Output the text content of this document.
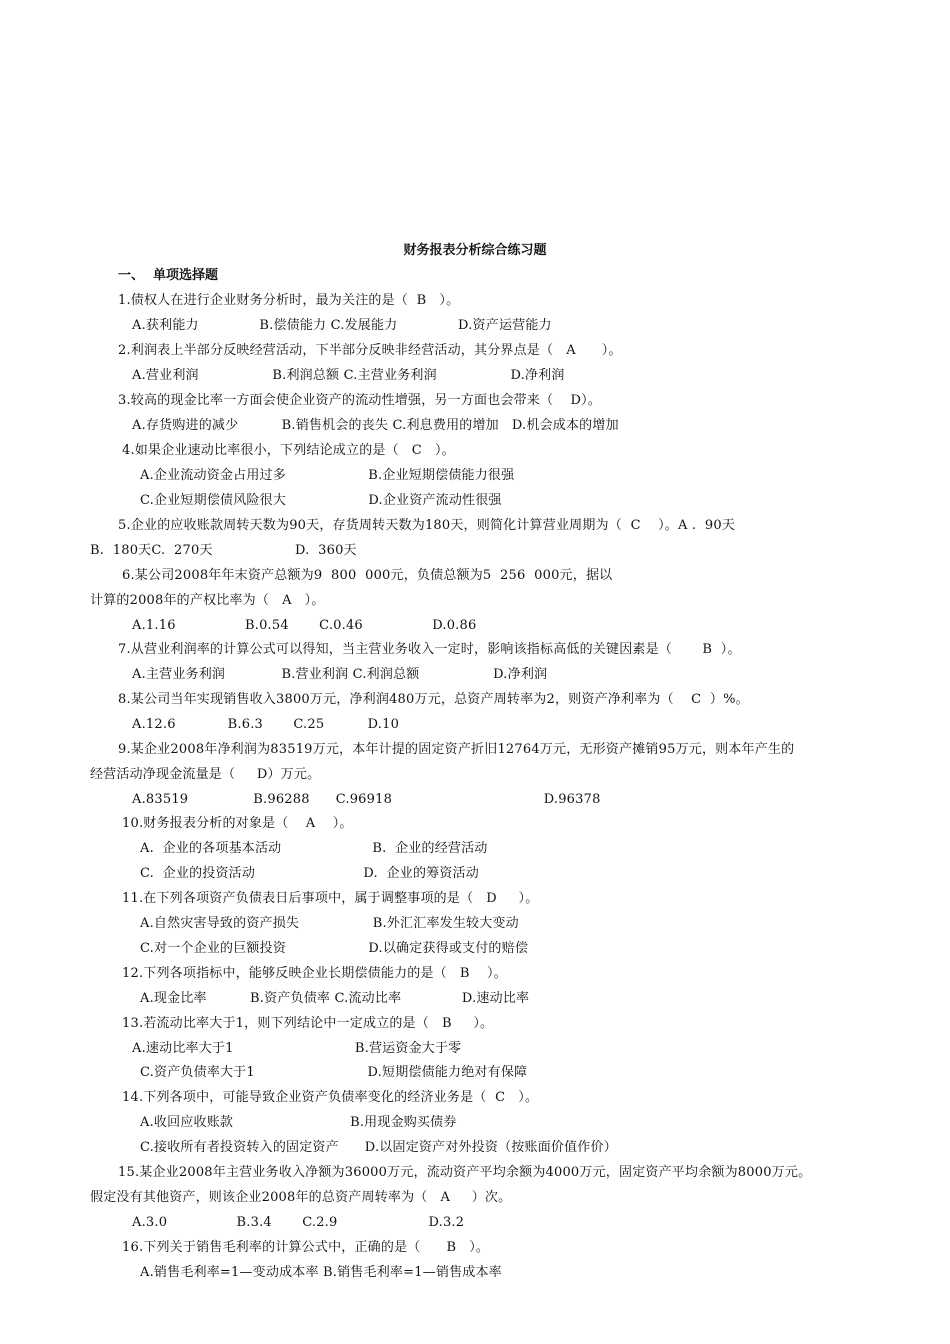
财务报表分析综合练习题
一、  单项选择题
1.债权人在进行企业财务分析时，最为关注的是（  B   ）。
A.获利能力              B.偿债能力 C.发展能力              D.资产运营能力
2.利润表上半部分反映经营活动，下半部分反映非经营活动，其分界点是（   A      ）。
A.营业利润                 B.利润总额 C.主营业务利润                 D.净利润
3.较高的现金比率一方面会使企业资产的流动性增强，另一方面也会带来（    D）。
A.存货购进的减少          B.销售机会的丧失 C.利息费用的增加   D.机会成本的增加
4.如果企业速动比率很小，下列结论成立的是（   C   ）。
A.企业流动资金占用过多                   B.企业短期偿债能力很强
C.企业短期偿债风险很大                   D.企业资产流动性很强
5.企业的应收账款周转天数为90天，存货周转天数为180天，则简化计算营业周期为（  C    ）。A .  90天
B.  180天C.  270天                   D.  360天
6.某公司2008年年末资产总额为9  800  000元，负债总额为5  256  000元，据以
计算的2008年的产权比率为（   A   ）。
A.1.16                B.0.54       C.0.46                D.0.86
7.从营业利润率的计算公式可以得知，当主营业务收入一定时，影响该指标高低的关键因素是（       B  ）。
A.主营业务利润             B.营业利润 C.利润总额                 D.净利润
8.某公司当年实现销售收入3800万元，净利润480万元，总资产周转率为2，则资产净利率为（    C  ）%。
A.12.6            B.6.3       C.25          D.10
9.某企业2008年净利润为83519万元，本年计提的固定资产折旧12764万元，无形资产摊销95万元，则本年产生的
经营活动净现金流量是（     D）万元。
A.83519               B.96288      C.96918                                   D.96378
10.财务报表分析的对象是（    A    ）。
A.  企业的各项基本活动                     B.  企业的经营活动
C.  企业的投资活动                         D.  企业的筹资活动
11.在下列各项资产负债表日后事项中，属于调整事项的是（   D     ）。
A.自然灾害导致的资产损失                 B.外汇汇率发生较大变动
C.对一个企业的巨额投资                   D.以确定获得或支付的赔偿
12.下列各项指标中，能够反映企业长期偿债能力的是（   B    ）。
A.现金比率          B.资产负债率 C.流动比率              D.速动比率
13.若流动比率大于1，则下列结论中一定成立的是（   B     ）。
A.速动比率大于1                            B.营运资金大于零
C.资产负债率大于1                          D.短期偿债能力绝对有保障
14.下列各项中，可能导致企业资产负债率变化的经济业务是（  C   ）。
A.收回应收账款                           B.用现金购买债券
C.接收所有者投资转入的固定资产      D.以固定资产对外投资（按账面价值作价）
15.某企业2008年主营业务收入净额为36000万元，流动资产平均余额为4000万元，固定资产平均余额为8000万元。
假定没有其他资产，则该企业2008年的总资产周转率为（   A     ）次。
A.3.0                B.3.4       C.2.9                     D.3.2
16.下列关于销售毛利率的计算公式中，正确的是（      B   ）。
A.销售毛利率=1—变动成本率 B.销售毛利率=1—销售成本率
